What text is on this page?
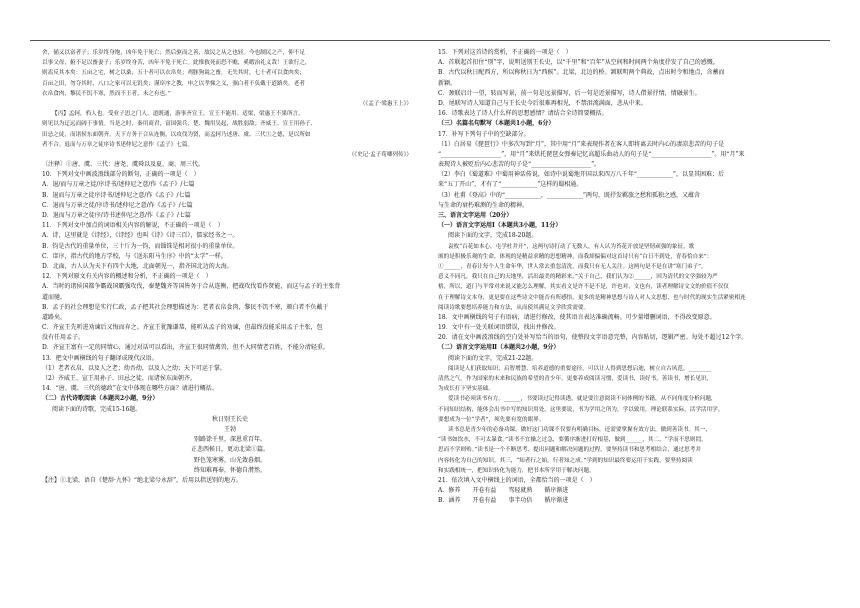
舍，俑又以富者子；乐岁终身饱，凶年免于死亡；然后驱而之善，故民之从之也轻。今也制民之产，仰不足
以事父母，俯不足以畜妻子；乐岁终身苦，凶年不免于死亡。此惟救死而恐不赡，奚暇治礼义哉！王欲行之，
则盍反其本矣：五亩之宅，树之以桑，五十者可以衣帛矣；鸡豚狗彘之畜，无失其时，七十者可以食肉矣；
百亩之田，勿夺其时，八口之家可以无饥矣；谨庠序之教，申之以孝悌之义，颁白者不负戴于道路矣。老者
衣帛食肉，黎民不饥不寒，然而不王者，未之有也。”
（《孟子·梁惠王上》）
【丙】孟轲，驺人也。受业子思之门人。道既通，游事齐宣王，宣王不能用。适梁，梁惠王不果所言，
则见以为迂远而阔于事情。当是之时，秦用商君，富国强兵；楚、魏用吴起，战胜弱敌；齐威王、宣王用孙子、
田忌之徒，而诸侯东面朝齐。天下方务于合从连衡，以攻伐为贤，而孟轲乃述唐、虞、三代①之德，是以所如
者不合。退而与万章之徒序诗书述仲尼之意作《孟子》七篇。
（《史记·孟子荀卿列传》）
〔注释〕①唐、虞、三代：唐尧、虞舜以及夏、商、周三代。
10．下列对文中画波浪线部分的断句，正确的一项是（　）
A．退/而与万章之徒/序诗书/述仲尼之意/作《孟子》/七篇
B．退而与万章之徒序诗书/述仲尼之意/作《孟子》/七篇
C．退而与万章之徒/序诗书/述仲尼之意/作《孟子》/七篇
D．退而与万章之徒序/诗书述仲尼之意/作《孟子》/七篇
11．下列对文中加点的词语相关内容的解说，不正确的一项是（　）
A．诗，这里就是《诗经》，《诗经》也叫《诗》《诗三百》，儒家经书之一。
B．钧是古代的重量单位，三十斤为一钧，而锱铢是相对很小的重量单位。
C．庠序，指古代的地方学校，与《送东阳马生序》中的“太学”一样。
D．北面，古人认为天下有四个大地，北面朝见一，指齐国北边的大海。
12．下列对原文有关内容的概述和分析，不正确的一项是（　）
A．当时的诸侯国都争霸战国霸强攻伐，秦楚魏齐等国皆务于合从连衡，把战攻伐看作贤能，而这与孟子的主张背
道而驰。
B．孟子的社会理想是实行仁政，孟子把其社会理想描述为：老者衣帛食肉，黎民不饥不寒，颁白者不负戴于
道路矣。
C．齐宣王先听进劝谏后又悔而弃之。齐宣王犹豫谦恭，能听从孟子的劝谏，但最终没能采用孟子主张，包
没有任用孟子。
D．齐宣王富有一定的同情心，通过对话可以看出，齐宣王很同情禽兽，但不大同情老百姓，不能分清轻重。
13．把文中画横线的句子翻译成现代汉语。
（1）老者衣帛，以及人之老；幼吾幼，以及人之幼；天下可运于掌。
（2）齐威王、宣王用孙子、田忌之徒，而诸侯东面朝齐。
14．“唐、虞、三代的德政”在文中体现在哪些方面？请进行概括。
（二）古代诗歌阅读（本题共2小题，9分）
阅读下面的诗歌，完成15-16题。
秋日别王长史
王勃
别路馀千里，深恩重百年。
正悲西候日，更动北梁①篇。
野色笼寒雾，山光敛暮烟。
终知难再奉，怀德自潸然。
【注】①北梁，语自《楚辞·九怀》“绝北梁兮永辞”，后用以指送别的地方。
15．下列对这首诗的赏析，不正确的一项是（　）
A．首联起首扣住“别”字，说明送别王长史，以“千里”和“百年”从空间和时间两个角度抒发了自己的感慨。
B．古代以秋日配西方，所以称秋日为“西候”。北梁，北边的桥。颔联明两个典故，点出时令和地点，含蓄而
新颖。
C．颈联启计一望，转而写景，前一句是远景描写，后一句是近景描写，诗人借景抒情，情融景生。
D．尾联写诗人知道自己与王长史今后很难再相见，不禁泪流满面，悲从中来。
16．诗歌表达了诗人什么样的思想感情？请结合全诗简要概括。
（三）名篇名句默写（本题共1小题，6分）
17．补写下列句子中的空缺部分。
（1）白居易《琵琶行》中多次写到“月”，其中用“月”来表现作者在客人即将离去时内心的凄凉悲苦的句子是
“____________________”，用“月”来烘托琵琶女弹奏记忆高超乐曲动人的句子是“____________________”。用“月”来
表现诗人被贬后内心悲苦的句子是“____________________”。
（2）李白《蜀道难》中蜀用神话传说，如诗中说蜀地开国以来四万八千年“____________”，以显其困难；后
来“五丁开山”，才有了“____________”这样的蜀相通。
（3）杜甫《登高》中的“____________，____________”两句，既抒发羁旅之愁和孤独之感，又蕴含
与生命的衰朽难测的生命的精神。
三、语言文字运用（20分）
（一）语言文字运用Ⅰ（本题共3小题，11分）
阅读下面的文字，完成18-20题。
袁枚“百花如本心，屯学杜井开”，这两句诗打动了无数人，有人认为苔花开放是坚韧顽强的象征，歌
颂的是积极乐观的生命，体现的是精益求精的思想精神。而我却偏偏对这首诗只有“白日不到处，青春恰自来”：
①______，青春让每个人生命年华，世人常去重忽清洗，而我只有无人关注。这两句是不是在讲“寒门弟子”，
意义不同凡，我只在自己的天地里，活出最美的精彩来。”关于自己，我们认为②______，因为清代的文学强较为严
格，所以，道门与平常对来说又能怎么理解。其实看文是许不是不是，许也对，文也有，读者理解诗文文的价值不仅仅
在于理解诗文本身，更是要在这些诗文中能否有所感悟，更多的是精神思想与诗人对人文思想，也与时代的现实生活紧密相连
阅读诗歌要想培养能力和方法，从而使其满足文学欣赏需要。
18．文中画横线的句子有语病，请进行修改，使其语言表达准确流畅。可少量增删词语，不得改变原意。
19．文中有一处关联词语错误，找出并修改。
20．请在文中画波浪线的空白处补写恰当的语句，使整段文字语意完整，内容贴切，逻辑严密。每处不超过12个字。
（二）语言文字运用Ⅱ（本题共2小题，9分）
阅读下面的文字，完成21-22题。
阅读是人们获取知识、启智增慧、培养道德的重要途径，可以让人得到思想启迪，树立自古风范，________
清然之气。作为国家的未来和民族的希望的青少年，更要养成阅读习惯，爱读书，读好书，善读书，增长见识，
为成长打下坚实基础。
爱读书必须读书有方。______，书要读过记得读透，就是要注意阅读不同体例的书籍，从不同角度分析问题，
不同知识结构，能体会出书中写的知识用处。这里要说，书为学用之所为，学以致用，理论联系实际，活学活用学。
要想成为一位“学者”，须先要有宽的眼界。
读书总是青少年的必备功课。做好这门功课不仅要有明确目标，还需要掌握有效方法，做到善读书。其一，
“读书如饮水，不可太暴食。”读书不宜操之过急，要循序渐进打好根基，做到______，其二，“学而不思则罔，
思而不学则殆。”读书是一个不断思考、提出问题和解决问题的过程。要坚持读书和思考相结合，通过思考并
内容转化为自己的知识。其三，“知者行之始，行者知之成。”学到的知识最终要运用于实践，要坚持阅读
和实践相统一，把知识转化为能力，把书本所学用于解决问题。
21．依次填入文中横线上的词语，全都恰当的一项是（　）
A．修养　　开卷有益　　驾轻就熟　　循序渐进
B．涵养　　开卷有益　　事半功倍　　循序渐进
